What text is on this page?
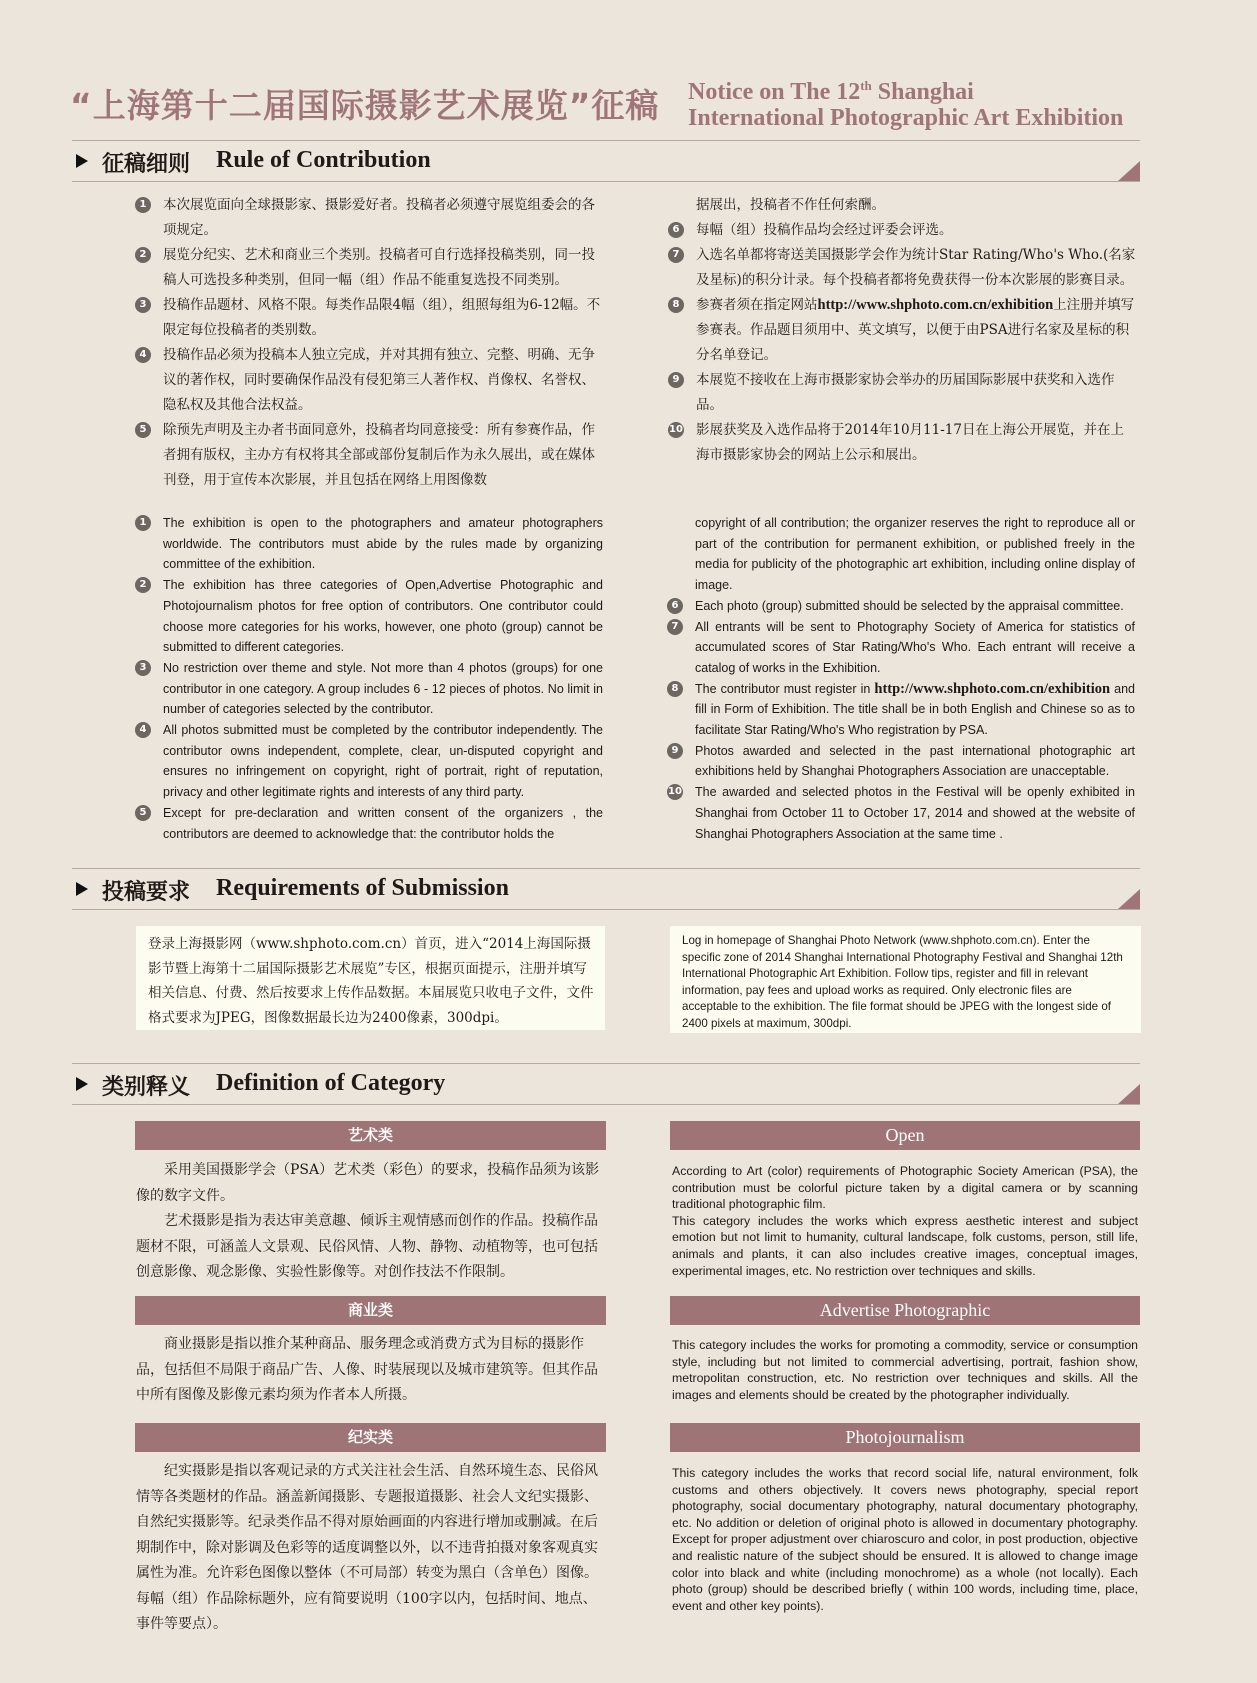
“上海第十二届国际摄影艺术展览”征稿 Notice on The 12th Shanghai
International Photographic Art Exhibition
征稿细则 Rule of Contribution
1	本次展览面向全球摄影家、摄影爱好者。投稿者必须遵守展览组委会的各项规定。
2	展览分纪实、艺术和商业三个类别。投稿者可自行选择投稿类别，同一投稿人可选投多种类别，但同一幅（组）作品不能重复选投不同类别。
3	投稿作品题材、风格不限。每类作品限4幅（组），组照每组为6-12幅。不限定每位投稿者的类别数。
4	投稿作品必须为投稿本人独立完成，并对其拥有独立、完整、明确、无争议的著作权，同时要确保作品没有侵犯第三人著作权、肖像权、名誉权、隐私权及其他合法权益。
5	除预先声明及主办者书面同意外，投稿者均同意接受：所有参赛作品，作者拥有版权，主办方有权将其全部或部份复制后作为永久展出，或在媒体刊登，用于宣传本次影展，并且包括在网络上用图像数
据展出，投稿者不作任何索酬。
6	每幅（组）投稿作品均会经过评委会评选。
7	入选名单都将寄送美国摄影学会作为统计Star Rating/Who's Who.(名家及星标)的积分计录。每个投稿者都将免费获得一份本次影展的影赛目录。
8	参赛者须在指定网站http://www.shphoto.com.cn/exhibition上注册并填写参赛表。作品题目须用中、英文填写，以便于由PSA进行名家及星标的积分名单登记。
9	本展览不接收在上海市摄影家协会举办的历届国际影展中获奖和入选作品。
10 影展获奖及入选作品将于2014年10月11-17日在上海公开展览，并在上海市摄影家协会的网站上公示和展出。
1	The exhibition is open to the photographers and amateur photographers worldwide. The contributors must abide by the rules made by organizing committee of the exhibition.
2	The exhibition has three categories of Open,Advertise Photographic and Photojournalism photos for free option of contributors. One contributor could choose more categories for his works, however, one photo (group) cannot be submitted to different categories.
3	No restriction over theme and style. Not more than 4 photos (groups) for one contributor in one category. A group includes 6 - 12 pieces of photos. No limit in number of categories selected by the contributor.
4	All photos submitted must be completed by the contributor independently. The contributor owns independent, complete, clear, un-disputed copyright and ensures no infringement on copyright, right of portrait, right of reputation, privacy and other legitimate rights and interests of any third party.
5	Except for pre-declaration and written consent of the organizers , the contributors are deemed to acknowledge that: the contributor holds the
copyright of all contribution; the organizer reserves the right to reproduce all or part of the contribution for permanent exhibition, or published freely in the media for publicity of the photographic art exhibition, including online display of image.
6	Each photo (group) submitted should be selected by the appraisal committee.
7	All entrants will be sent to Photography Society of America for statistics of accumulated scores of Star Rating/Who's Who. Each entrant will receive a catalog of works in the Exhibition.
8	The contributor must register in http://www.shphoto.com.cn/exhibition and fill in Form of Exhibition. The title shall be in both English and Chinese so as to facilitate Star Rating/Who's Who registration by PSA.
9	Photos awarded and selected in the past international photographic art exhibitions held by Shanghai Photographers Association are unacceptable.
10 The awarded and selected photos in the Festival will be openly exhibited in Shanghai from October 11 to October 17, 2014 and showed at the website of Shanghai Photographers Association at the same time .
投稿要求 Requirements of Submission
登录上海摄影网（www.shphoto.com.cn）首页，进入“2014上海国际摄影节暨上海第十二届国际摄影艺术展览”专区，根据页面提示，注册并填写相关信息、付费、然后按要求上传作品数据。本届展览只收电子文件，文件格式要求为JPEG，图像数据最长边为2400像素，300dpi。
Log in homepage of Shanghai Photo Network (www.shphoto.com.cn). Enter the specific zone of 2014 Shanghai International Photography Festival and Shanghai 12th International Photographic Art Exhibition. Follow tips, register and fill in relevant information, pay fees and upload works as required. Only electronic files are acceptable to the exhibition. The file format should be JPEG with the longest side of 2400 pixels at maximum, 300dpi.
类别释义 Definition of Category
艺术类	Open

采用美国摄影学会（PSA）艺术类（彩色）的要求，投稿作品须为该影像的数字文件。

艺术摄影是指为表达审美意趣、倾诉主观情感而创作的作品。投稿作品题材不限，可涵盖人文景观、民俗风情、人物、静物、动植物等，也可包括创意影像、观念影像、实验性影像等。对创作技法不作限制。

According to Art (color) requirements of Photographic Society American (PSA), the contribution must be colorful picture taken by a digital camera or by scanning traditional photographic film.

This category includes the works which express aesthetic interest and subject emotion but not limit to humanity, cultural landscape, folk customs, person, still life, animals and plants, it can also includes creative images, conceptual images, experimental images, etc. No restriction over techniques and skills.

商业类	Advertise Photographic

商业摄影是指以推介某种商品、服务理念或消费方式为目标的摄影作品，包括但不局限于商品广告、人像、时装展现以及城市建筑等。但其作品中所有图像及影像元素均须为作者本人所摄。

This category includes the works for promoting a commodity, service or consumption style, including but not limited to commercial advertising, portrait, fashion show, metropolitan construction, etc. No restriction over techniques and skills. All the images and elements should be created by the photographer individually.

纪实类	Photojournalism

纪实摄影是指以客观记录的方式关注社会生活、自然环境生态、民俗风情等各类题材的作品。涵盖新闻摄影、专题报道摄影、社会人文纪实摄影、自然纪实摄影等。纪录类作品不得对原始画面的内容进行增加或删减。在后期制作中，除对影调及色彩等的适度调整以外，以不违背拍摄对象客观真实属性为准。允许彩色图像以整体（不可局部）转变为黑白（含单色）图像。每幅（组）作品除标题外，应有简要说明（100字以内，包括时间、地点、事件等要点）。

This category includes the works that record social life, natural environment, folk customs and others objectively. It covers news photography, special report photography, social documentary photography, natural documentary photography, etc. No addition or deletion of original photo is allowed in documentary photography. Except for proper adjustment over chiaroscuro and color, in post production, objective and realistic nature of the subject should be ensured. It is allowed to change image color into black and white (including monochrome) as a whole (not locally). Each photo (group) should be described briefly ( within 100 words, including time, place, event and other key points).
